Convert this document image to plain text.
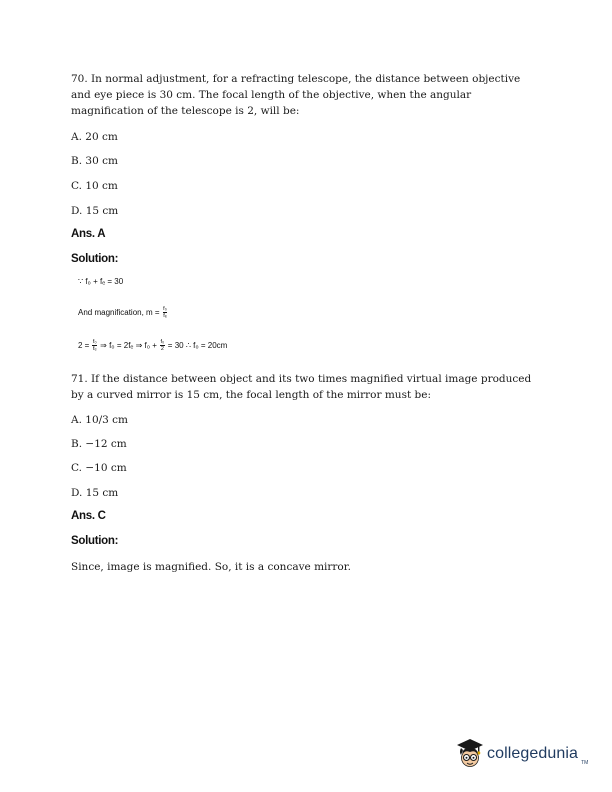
70. In normal adjustment, for a refracting telescope, the distance between objective and eye piece is 30 cm. The focal length of the objective, when the angular magnification of the telescope is 2, will be:
A. 20 cm
B. 30 cm
C. 10 cm
D. 15 cm
Ans. A
Solution:
∵ f₀ + fₑ = 30
And magnification, $m = \frac{\text{f₀}}{\text{fₑ}}$
$2 = \frac{\text{f₀}}{\text{fₑ}}$ ⇒ f₀ = 2fₑ ⇒ $f_0 + \frac{\text{f₀}}{2} = 30$ ∴ f₀ = 20cm
71. If the distance between object and its two times magnified virtual image produced by a curved mirror is 15 cm, the focal length of the mirror must be:
A. 10/3 cm
B. −12 cm
C. −10 cm
D. 15 cm
Ans. C
Solution:
Since, image is magnified. So, it is a concave mirror.
collegedunia
TM
